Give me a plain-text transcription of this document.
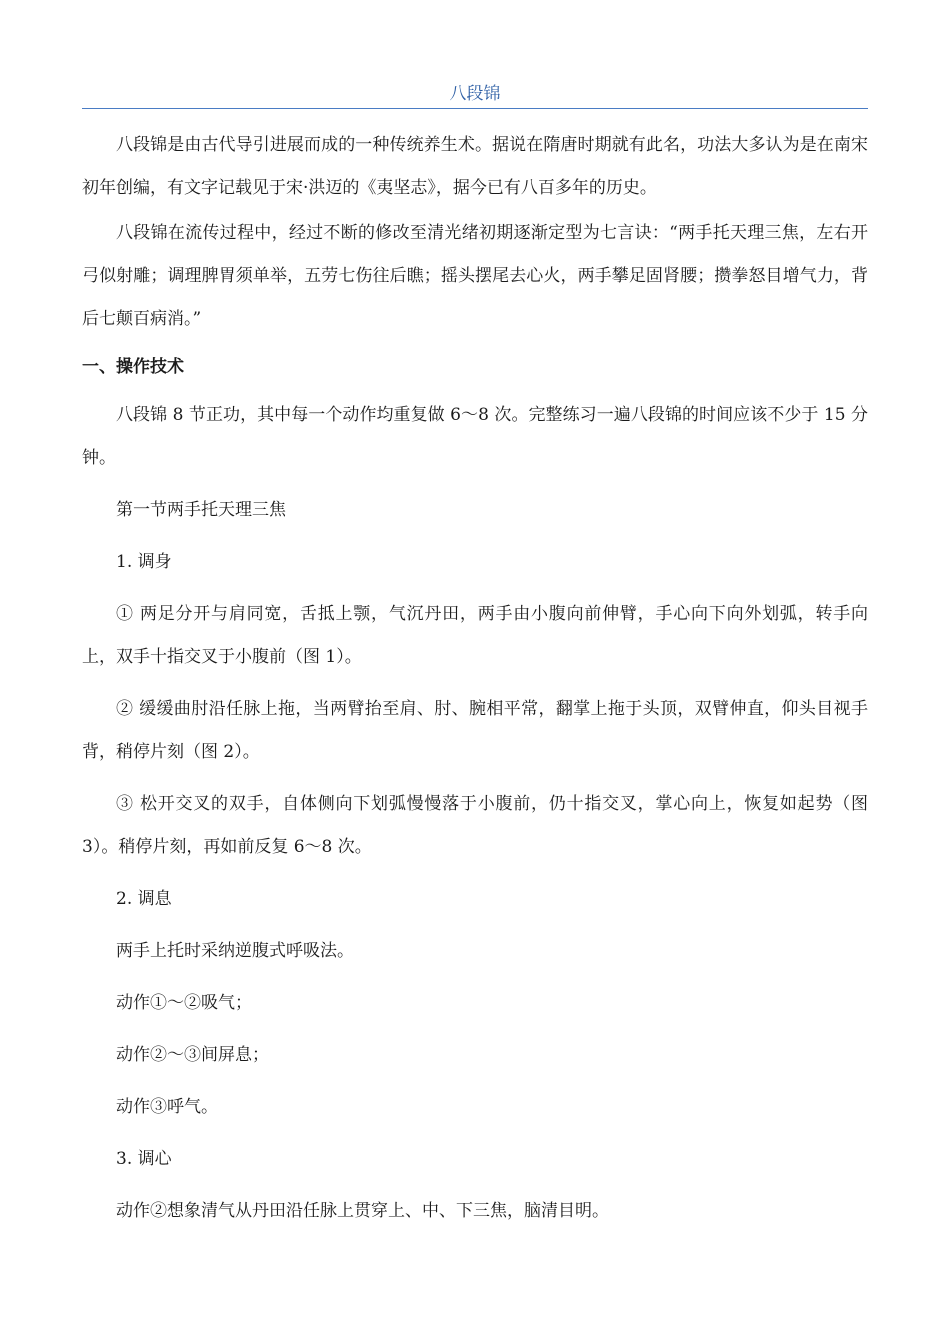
八段锦

八段锦是由古代导引进展而成的一种传统养生术。据说在隋唐时期就有此名，功法大多认为是在南宋初年创编，有文字记载见于宋·洪迈的《夷坚志》，据今已有八百多年的历史。

八段锦在流传过程中，经过不断的修改至清光绪初期逐渐定型为七言诀：“两手托天理三焦，左右开弓似射雕；调理脾胃须单举，五劳七伤往后瞧；摇头摆尾去心火，两手攀足固肾腰；攒拳怒目增气力，背后七颠百病消。”

一、操作技术

八段锦 8 节正功，其中每一个动作均重复做 6～8 次。完整练习一遍八段锦的时间应该不少于 15 分钟。

第一节两手托天理三焦

1. 调身

① 两足分开与肩同宽，舌抵上颚，气沉丹田，两手由小腹向前伸臂，手心向下向外划弧，转手向上，双手十指交叉于小腹前（图 1）。

② 缓缓曲肘沿任脉上拖，当两臂抬至肩、肘、腕相平常，翻掌上拖于头顶，双臂伸直，仰头目视手背，稍停片刻（图 2）。

③ 松开交叉的双手，自体侧向下划弧慢慢落于小腹前，仍十指交叉，掌心向上，恢复如起势（图 3）。稍停片刻，再如前反复 6～8 次。

2. 调息

两手上托时采纳逆腹式呼吸法。

动作①～②吸气；

动作②～③间屏息；

动作③呼气。

3. 调心

动作②想象清气从丹田沿任脉上贯穿上、中、下三焦，脑清目明。
